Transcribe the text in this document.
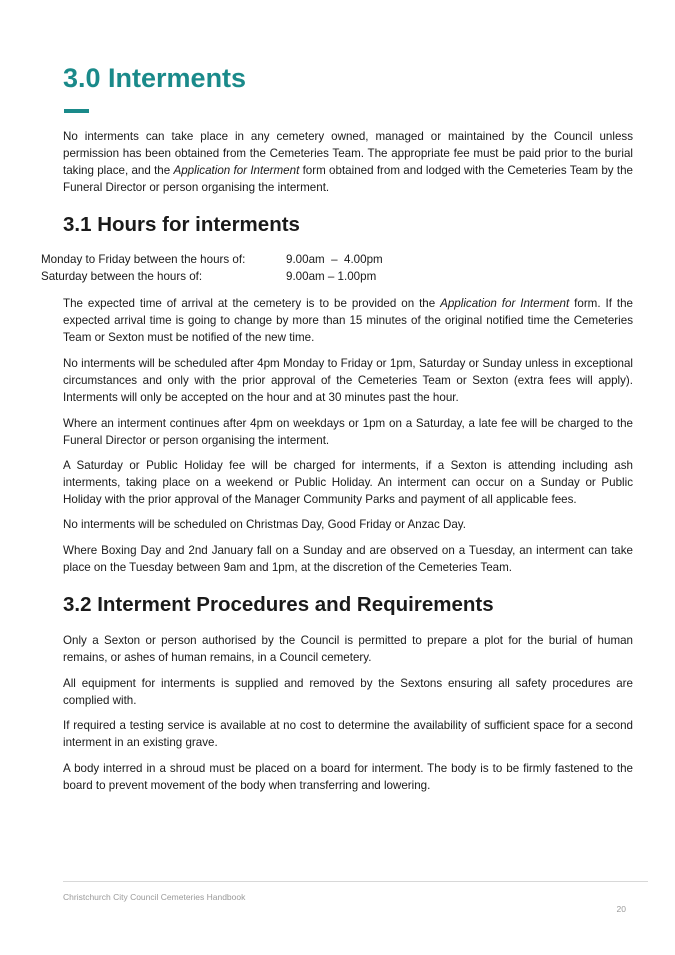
3.0 Interments

No interments can take place in any cemetery owned, managed or maintained by the Council unless permission has been obtained from the Cemeteries Team. The appropriate fee must be paid prior to the burial taking place, and the Application for Interment form obtained from and lodged with the Cemeteries Team by the Funeral Director or person organising the interment.

3.1 Hours for interments
Monday to Friday between the hours of:	9.00am  –  4.00pm
Saturday between the hours of:	9.00am – 1.00pm

The expected time of arrival at the cemetery is to be provided on the Application for Interment form. If the expected arrival time is going to change by more than 15 minutes of the original notified time the Cemeteries Team or Sexton must be notified of the new time.

No interments will be scheduled after 4pm Monday to Friday or 1pm, Saturday or Sunday unless in exceptional circumstances and only with the prior approval of the Cemeteries Team or Sexton (extra fees will apply). Interments will only be accepted on the hour and at 30 minutes past the hour.

Where an interment continues after 4pm on weekdays or 1pm on a Saturday, a late fee will be charged to the Funeral Director or person organising the interment.

A Saturday or Public Holiday fee will be charged for interments, if a Sexton is attending including ash interments, taking place on a weekend or Public Holiday. An interment can occur on a Sunday or Public Holiday with the prior approval of the Manager Community Parks and payment of all applicable fees.

No interments will be scheduled on Christmas Day, Good Friday or Anzac Day.

Where Boxing Day and 2nd January fall on a Sunday and are observed on a Tuesday, an interment can take place on the Tuesday between 9am and 1pm, at the discretion of the Cemeteries Team.

3.2 Interment Procedures and Requirements

Only a Sexton or person authorised by the Council is permitted to prepare a plot for the burial of human remains, or ashes of human remains, in a Council cemetery.

All equipment for interments is supplied and removed by the Sextons ensuring all safety procedures are complied with.

If required a testing service is available at no cost to determine the availability of sufficient space for a second interment in an existing grave.

A body interred in a shroud must be placed on a board for interment. The body is to be firmly fastened to the board to prevent movement of the body when transferring and lowering.

Christchurch City Council Cemeteries Handbook
20
